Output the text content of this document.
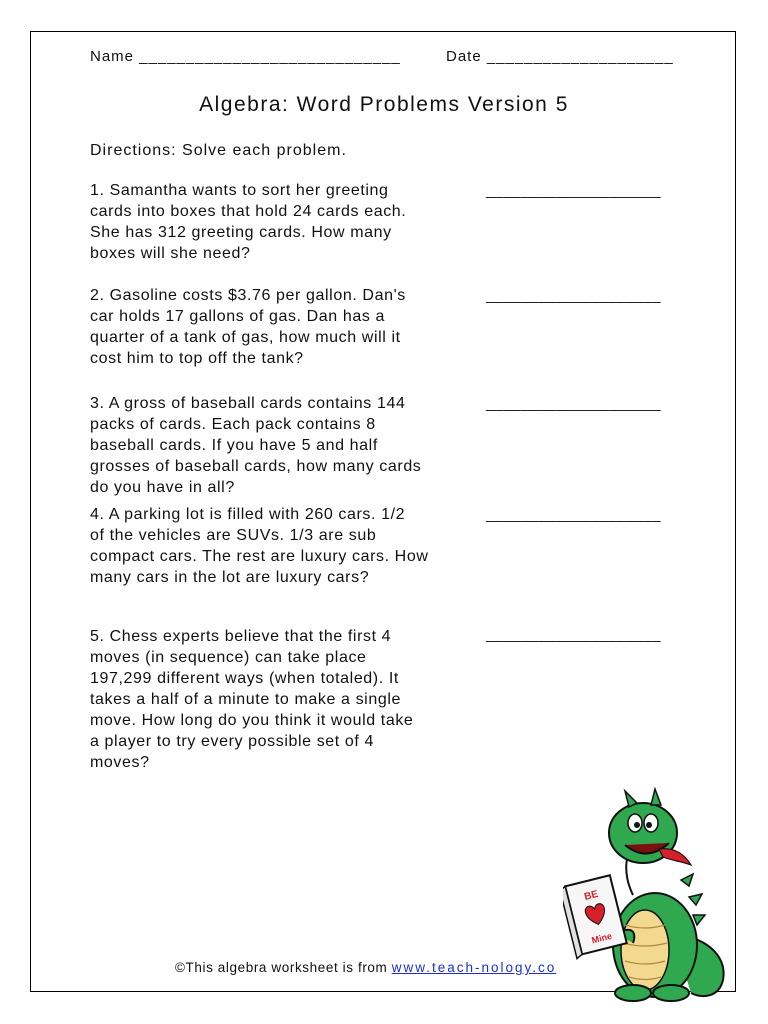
Name ____________________________	Date ____________________
Algebra: Word Problems Version 5
Directions: Solve each problem.

1. Samantha wants to sort her greeting
cards into boxes that hold 24 cards each.
She has 312 greeting cards. How many
boxes will she need?

____________________

2. Gasoline costs $3.76 per gallon. Dan's
car holds 17 gallons of gas. Dan has a
quarter of a tank of gas, how much will it
cost him to top off the tank?

____________________

3. A gross of baseball cards contains 144
packs of cards. Each pack contains 8
baseball cards. If you have 5 and half
grosses of baseball cards, how many cards
do you have in all?

____________________

4. A parking lot is filled with 260 cars. 1/2
of the vehicles are SUVs. 1/3 are sub
compact cars. The rest are luxury cars. How
many cars in the lot are luxury cars?

____________________

5. Chess experts believe that the first 4
moves (in sequence) can take place
197,299 different ways (when totaled). It
takes a half of a minute to make a single
move. How long do you think it would take
a player to try every possible set of 4
moves?

____________________
©This algebra worksheet is from www.teach-nology.co
BE
Mine
